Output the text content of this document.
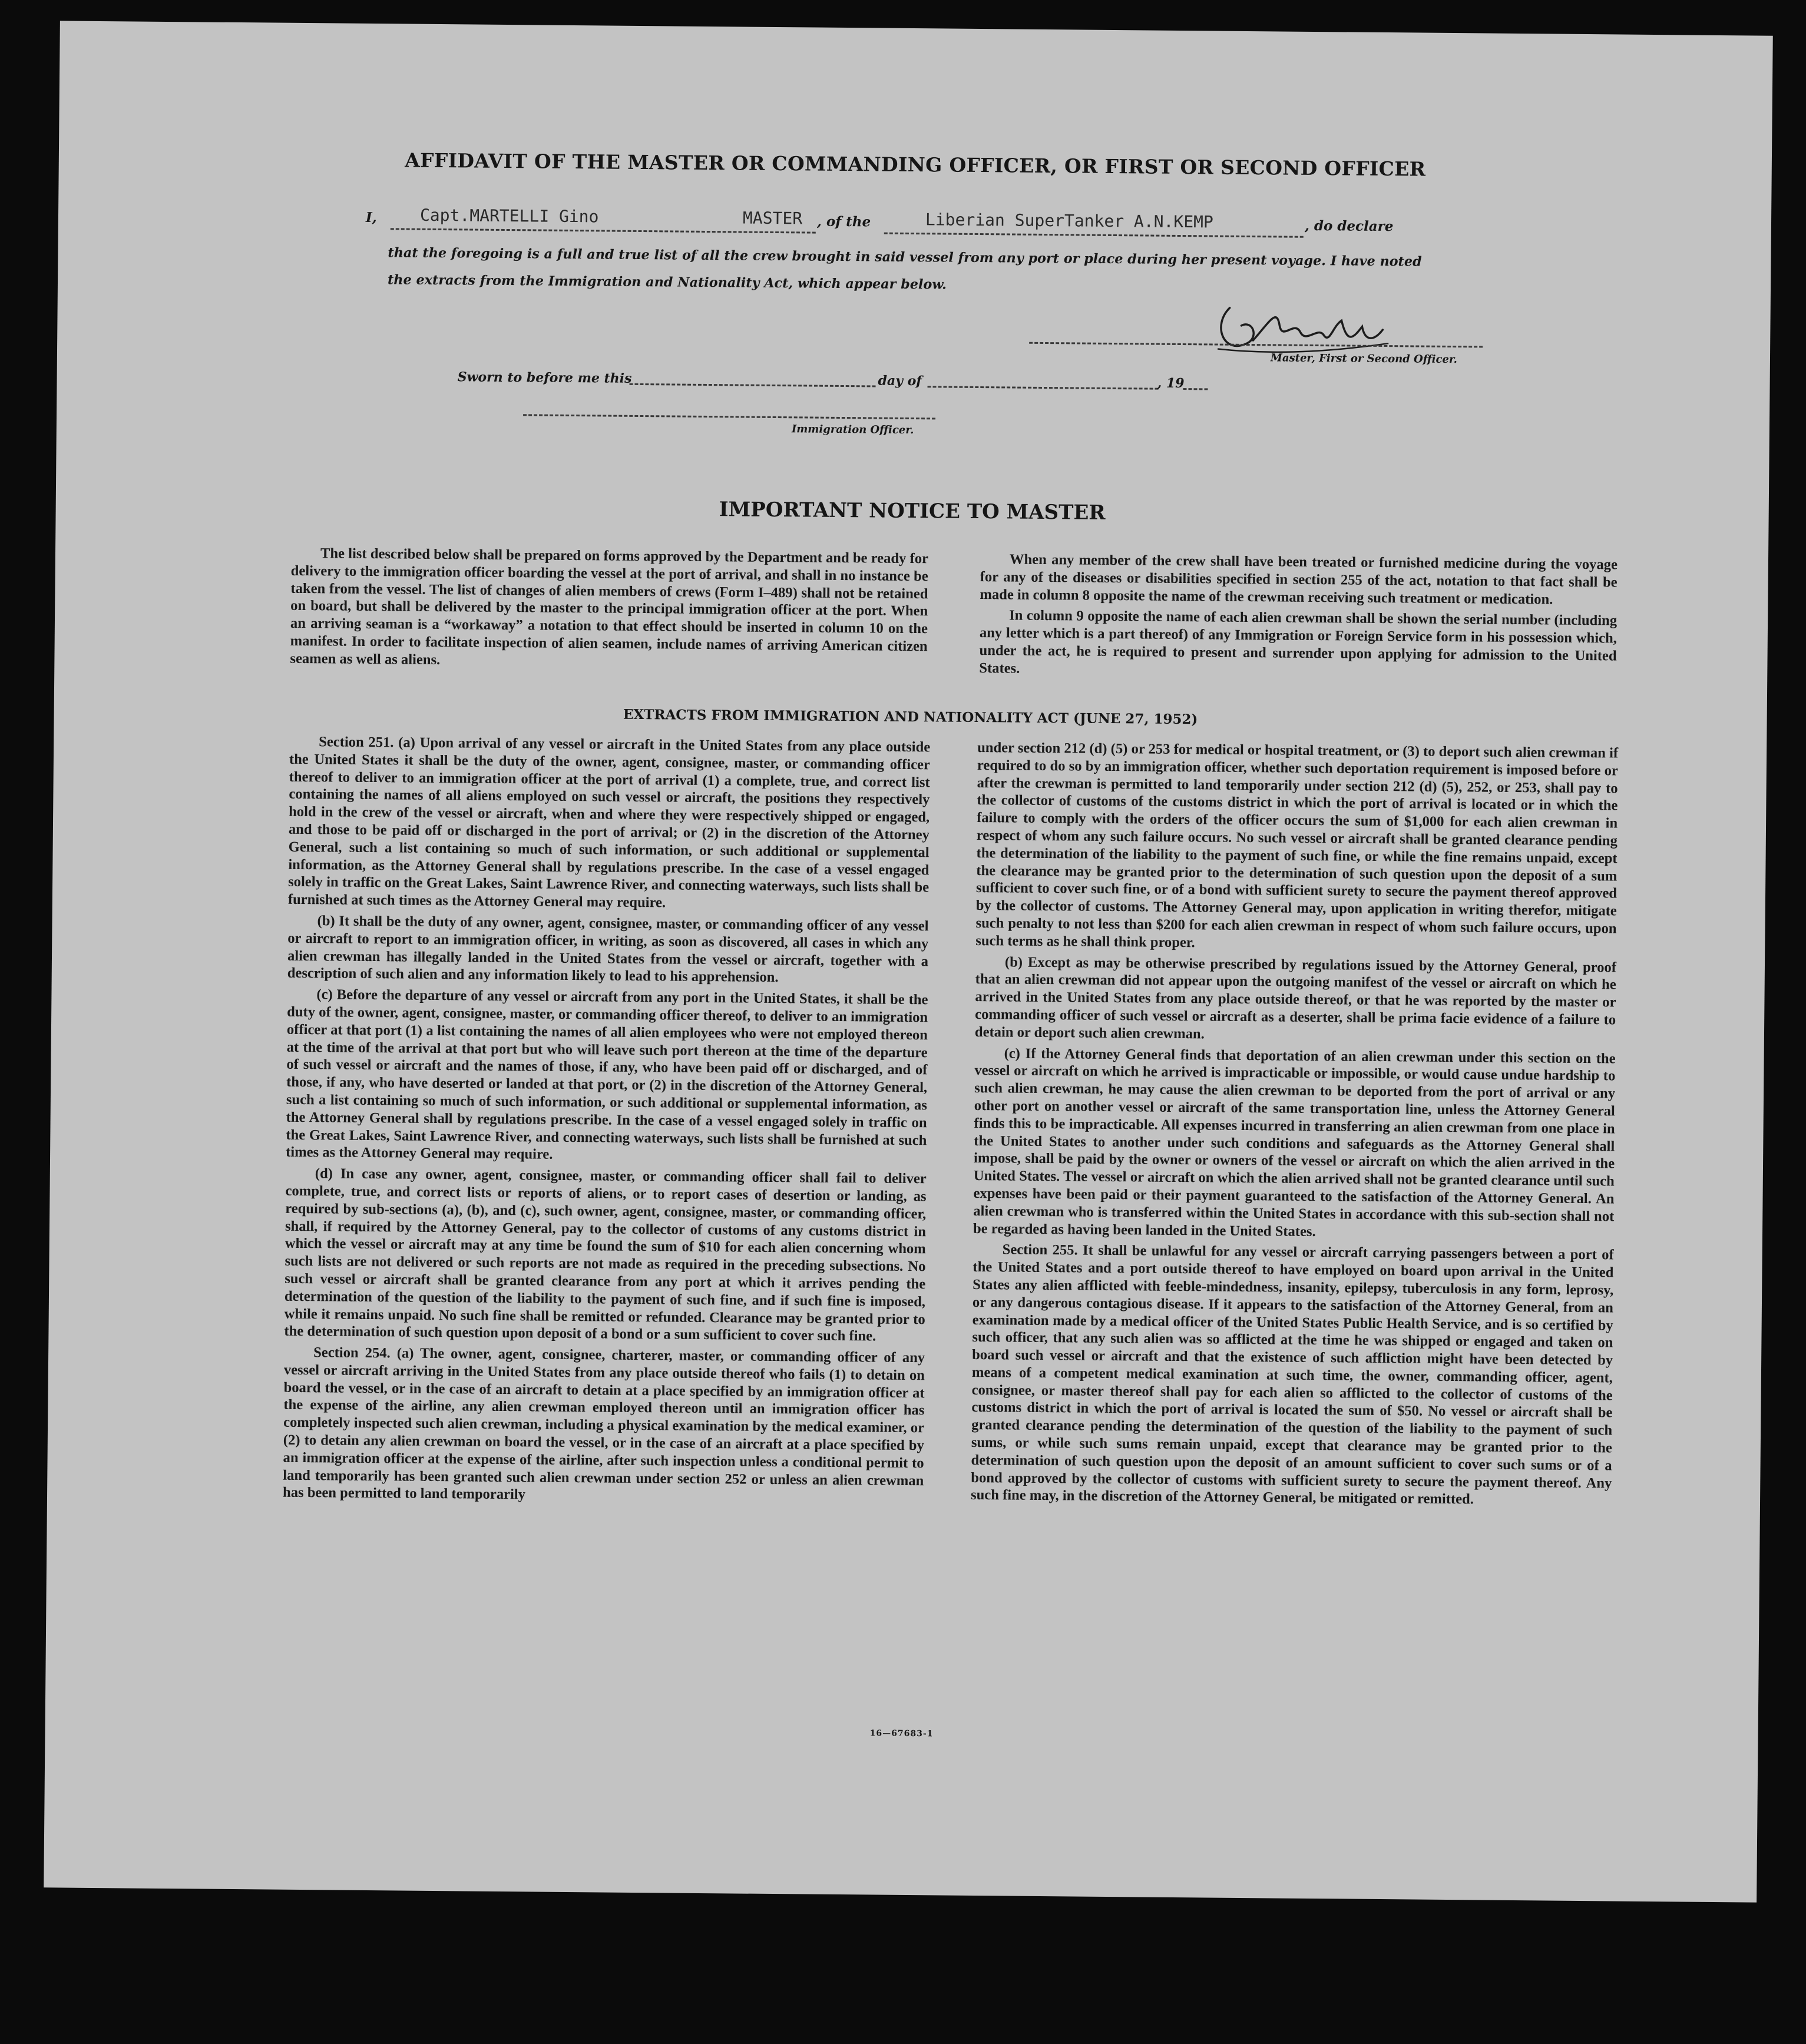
​
AFFIDAVIT OF THE MASTER OR COMMANDING OFFICER, OR FIRST OR SECOND OFFICER
I,	Capt.MARTELLI Gino	MASTER , of the	Liberian SuperTanker A.N.KEMP	, do declare
that the foregoing is a full and true list of all the crew brought in said vessel from any port or place during her present voyage. I have noted
the extracts from the Immigration and Nationality Act, which appear below.
Master, First or Second Officer.
Sworn to before me this	day of	, 19
Immigration Officer.
IMPORTANT NOTICE TO MASTER

The list described below shall be prepared on forms approved by the Department and be ready for delivery to the immigration officer boarding the vessel at the port of arrival, and shall in no instance be taken from the vessel. The list of changes of alien members of crews (Form I–489) shall not be retained on board, but shall be delivered by the master to the principal immigration officer at the port. When an arriving seaman is a “workaway” a notation to that effect should be inserted in column 10 on the manifest. In order to facilitate inspection of alien seamen, include names of arriving American citizen seamen as well as aliens.

When any member of the crew shall have been treated or furnished medicine during the voyage for any of the diseases or disabilities specified in section 255 of the act, notation to that fact shall be made in column 8 opposite the name of the crewman receiving such treatment or medication.

In column 9 opposite the name of each alien crewman shall be shown the serial number (including any letter which is a part thereof) of any Immigration or Foreign Service form in his possession which, under the act, he is required to present and surrender upon applying for admission to the United States.

EXTRACTS FROM IMMIGRATION AND NATIONALITY ACT (JUNE 27, 1952)

Section 251. (a) Upon arrival of any vessel or aircraft in the United States from any place outside the United States it shall be the duty of the owner, agent, consignee, master, or commanding officer thereof to deliver to an immigration officer at the port of arrival (1) a complete, true, and correct list containing the names of all aliens employed on such vessel or aircraft, the positions they respectively hold in the crew of the vessel or aircraft, when and where they were respectively shipped or engaged, and those to be paid off or discharged in the port of arrival; or (2) in the discretion of the Attorney General, such a list containing so much of such information, or such additional or supplemental information, as the Attorney General shall by regulations prescribe. In the case of a vessel engaged solely in traffic on the Great Lakes, Saint Lawrence River, and connecting waterways, such lists shall be furnished at such times as the Attorney General may require.

(b) It shall be the duty of any owner, agent, consignee, master, or commanding officer of any vessel or aircraft to report to an immigration officer, in writing, as soon as discovered, all cases in which any alien crewman has illegally landed in the United States from the vessel or aircraft, together with a description of such alien and any information likely to lead to his apprehension.

(c) Before the departure of any vessel or aircraft from any port in the United States, it shall be the duty of the owner, agent, consignee, master, or commanding officer thereof, to deliver to an immigration officer at that port (1) a list containing the names of all alien employees who were not employed thereon at the time of the arrival at that port but who will leave such port thereon at the time of the departure of such vessel or aircraft and the names of those, if any, who have been paid off or discharged, and of those, if any, who have deserted or landed at that port, or (2) in the discretion of the Attorney General, such a list containing so much of such information, or such additional or supplemental information, as the Attorney General shall by regulations prescribe. In the case of a vessel engaged solely in traffic on the Great Lakes, Saint Lawrence River, and connecting waterways, such lists shall be furnished at such times as the Attorney General may require.

(d) In case any owner, agent, consignee, master, or commanding officer shall fail to deliver complete, true, and correct lists or reports of aliens, or to report cases of desertion or landing, as required by sub-sections (a), (b), and (c), such owner, agent, consignee, master, or commanding officer, shall, if required by the Attorney General, pay to the collector of customs of any customs district in which the vessel or aircraft may at any time be found the sum of $10 for each alien concerning whom such lists are not delivered or such reports are not made as required in the preceding subsections. No such vessel or aircraft shall be granted clearance from any port at which it arrives pending the determination of the question of the liability to the payment of such fine, and if such fine is imposed, while it remains unpaid. No such fine shall be remitted or refunded. Clearance may be granted prior to the determination of such question upon deposit of a bond or a sum sufficient to cover such fine.

Section 254. (a) The owner, agent, consignee, charterer, master, or commanding officer of any vessel or aircraft arriving in the United States from any place outside thereof who fails (1) to detain on board the vessel, or in the case of an aircraft to detain at a place specified by an immigration officer at the expense of the airline, any alien crewman employed thereon until an immigration officer has completely inspected such alien crewman, including a physical examination by the medical examiner, or (2) to detain any alien crewman on board the vessel, or in the case of an aircraft at a place specified by an immigration officer at the expense of the airline, after such inspection unless a conditional permit to land temporarily has been granted such alien crewman under section 252 or unless an alien crewman has been permitted to land temporarily

under section 212 (d) (5) or 253 for medical or hospital treatment, or (3) to deport such alien crewman if required to do so by an immigration officer, whether such deportation requirement is imposed before or after the crewman is permitted to land temporarily under section 212 (d) (5), 252, or 253, shall pay to the collector of customs of the customs district in which the port of arrival is located or in which the failure to comply with the orders of the officer occurs the sum of $1,000 for each alien crewman in respect of whom any such failure occurs. No such vessel or aircraft shall be granted clearance pending the determination of the liability to the payment of such fine, or while the fine remains unpaid, except the clearance may be granted prior to the determination of such question upon the deposit of a sum sufficient to cover such fine, or of a bond with sufficient surety to secure the payment thereof approved by the collector of customs. The Attorney General may, upon application in writing therefor, mitigate such penalty to not less than $200 for each alien crewman in respect of whom such failure occurs, upon such terms as he shall think proper.

(b) Except as may be otherwise prescribed by regulations issued by the Attorney General, proof that an alien crewman did not appear upon the outgoing manifest of the vessel or aircraft on which he arrived in the United States from any place outside thereof, or that he was reported by the master or commanding officer of such vessel or aircraft as a deserter, shall be prima facie evidence of a failure to detain or deport such alien crewman.

(c) If the Attorney General finds that deportation of an alien crewman under this section on the vessel or aircraft on which he arrived is impracticable or impossible, or would cause undue hardship to such alien crewman, he may cause the alien crewman to be deported from the port of arrival or any other port on another vessel or aircraft of the same transportation line, unless the Attorney General finds this to be impracticable. All expenses incurred in transferring an alien crewman from one place in the United States to another under such conditions and safeguards as the Attorney General shall impose, shall be paid by the owner or owners of the vessel or aircraft on which the alien arrived in the United States. The vessel or aircraft on which the alien arrived shall not be granted clearance until such expenses have been paid or their payment guaranteed to the satisfaction of the Attorney General. An alien crewman who is transferred within the United States in accordance with this sub-section shall not be regarded as having been landed in the United States.

Section 255. It shall be unlawful for any vessel or aircraft carrying passengers between a port of the United States and a port outside thereof to have employed on board upon arrival in the United States any alien afflicted with feeble-mindedness, insanity, epilepsy, tuberculosis in any form, leprosy, or any dangerous contagious disease. If it appears to the satisfaction of the Attorney General, from an examination made by a medical officer of the United States Public Health Service, and is so certified by such officer, that any such alien was so afflicted at the time he was shipped or engaged and taken on board such vessel or aircraft and that the existence of such affliction might have been detected by means of a competent medical examination at such time, the owner, commanding officer, agent, consignee, or master thereof shall pay for each alien so afflicted to the collector of customs of the customs district in which the port of arrival is located the sum of $50. No vessel or aircraft shall be granted clearance pending the determination of the question of the liability to the payment of such sums, or while such sums remain unpaid, except that clearance may be granted prior to the determination of such question upon the deposit of an amount sufficient to cover such sums or of a bond approved by the collector of customs with sufficient surety to secure the payment thereof. Any such fine may, in the discretion of the Attorney General, be mitigated or remitted.

16—67683-1
